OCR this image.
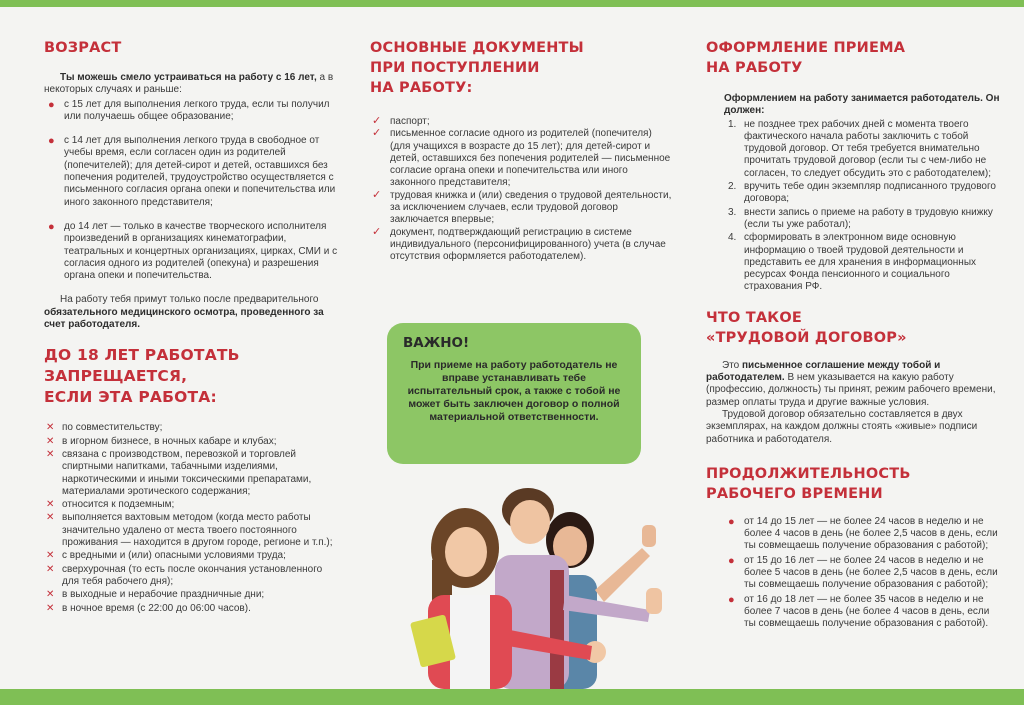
ВОЗРАСТ
Ты можешь смело устраиваться на работу с 16 лет, а в некоторых случаях и раньше:
● с 15 лет для выполнения легкого труда, если ты получил или получаешь общее образование;
● с 14 лет для выполнения легкого труда в свободное от учебы время, если согласен один из родителей (попечителей); для детей-сирот и детей, оставшихся без попечения родителей, трудоустройство осуществляется с письменного согласия органа опеки и попечительства или иного законного представителя;
● до 14 лет — только в качестве творческого исполнителя произведений в организациях кинематографии, театральных и концертных организациях, цирках, СМИ и с согласия одного из родителей (опекуна) и разрешения органа опеки и попечительства.
На работу тебя примут только после предварительного обязательного медицинского осмотра, проведенного за счет работодателя.
ДО 18 ЛЕТ РАБОТАТЬ
ЗАПРЕЩАЕТСЯ,
ЕСЛИ ЭТА РАБОТА:
✕ по совместительству;
✕ в игорном бизнесе, в ночных кабаре и клубах;
✕ связана с производством, перевозкой и торговлей спиртными напитками, табачными изделиями, наркотическими и иными токсическими препаратами, материалами эротического содержания;
✕ относится к подземным;
✕ выполняется вахтовым методом (когда место работы значительно удалено от места твоего постоянного проживания — находится в другом городе, регионе и т.п.);
✕ с вредными и (или) опасными условиями труда;
✕ сверхурочная (то есть после окончания установленного для тебя рабочего дня);
✕ в выходные и нерабочие праздничные дни;
✕ в ночное время (с 22:00 до 06:00 часов).
ОСНОВНЫЕ ДОКУМЕНТЫ
ПРИ ПОСТУПЛЕНИИ
НА РАБОТУ:
✓ паспорт;
✓ письменное согласие одного из родителей (попечителя) (для учащихся в возрасте до 15 лет); для детей-сирот и детей, оставшихся без попечения родителей — письменное согласие органа опеки и попечительства или иного законного представителя;
✓ трудовая книжка и (или) сведения о трудовой деятельности, за исключением случаев, если трудовой договор заключается впервые;
✓ документ, подтверждающий регистрацию в системе индивидуального (персонифицированного) учета (в случае отсутствия оформляется работодателем).
ВАЖНО!

При приеме на работу работодатель не вправе устанавливать тебе испытательный срок, а также с тобой не может быть заключен договор о полной материальной ответственности.

ОФОРМЛЕНИЕ ПРИЕМА
НА РАБОТУ
Оформлением на работу занимается работодатель. Он должен:
1. не позднее трех рабочих дней с момента твоего фактического начала работы заключить с тобой трудовой договор. От тебя требуется внимательно прочитать трудовой договор (если ты с чем-либо не согласен, то следует обсудить это с работодателем);
2. вручить тебе один экземпляр подписанного трудового договора;
3. внести запись о приеме на работу в трудовую книжку (если ты уже работал);
4. сформировать в электронном виде основную информацию о твоей трудовой деятельности и представить ее для хранения в информационных ресурсах Фонда пенсионного и социального страхования РФ.
ЧТО ТАКОЕ
«ТРУДОВОЙ ДОГОВОР»
Это письменное соглашение между тобой и работодателем. В нем указывается на какую работу (профессию, должность) ты принят, режим рабочего времени, размер оплаты труда и другие важные условия.
Трудовой договор обязательно составляется в двух экземплярах, на каждом должны стоять «живые» подписи работника и работодателя.
ПРОДОЛЖИТЕЛЬНОСТЬ
РАБОЧЕГО ВРЕМЕНИ
● от 14 до 15 лет — не более 24 часов в неделю и не более 4 часов в день (не более 2,5 часов в день, если ты совмещаешь получение образования с работой);
● от 15 до 16 лет — не более 24 часов в неделю и не более 5 часов в день (не более 2,5 часов в день, если ты совмещаешь получение образования с работой);
● от 16 до 18 лет — не более 35 часов в неделю и не более 7 часов в день (не более 4 часов в день, если ты совмещаешь получение образования с работой).
